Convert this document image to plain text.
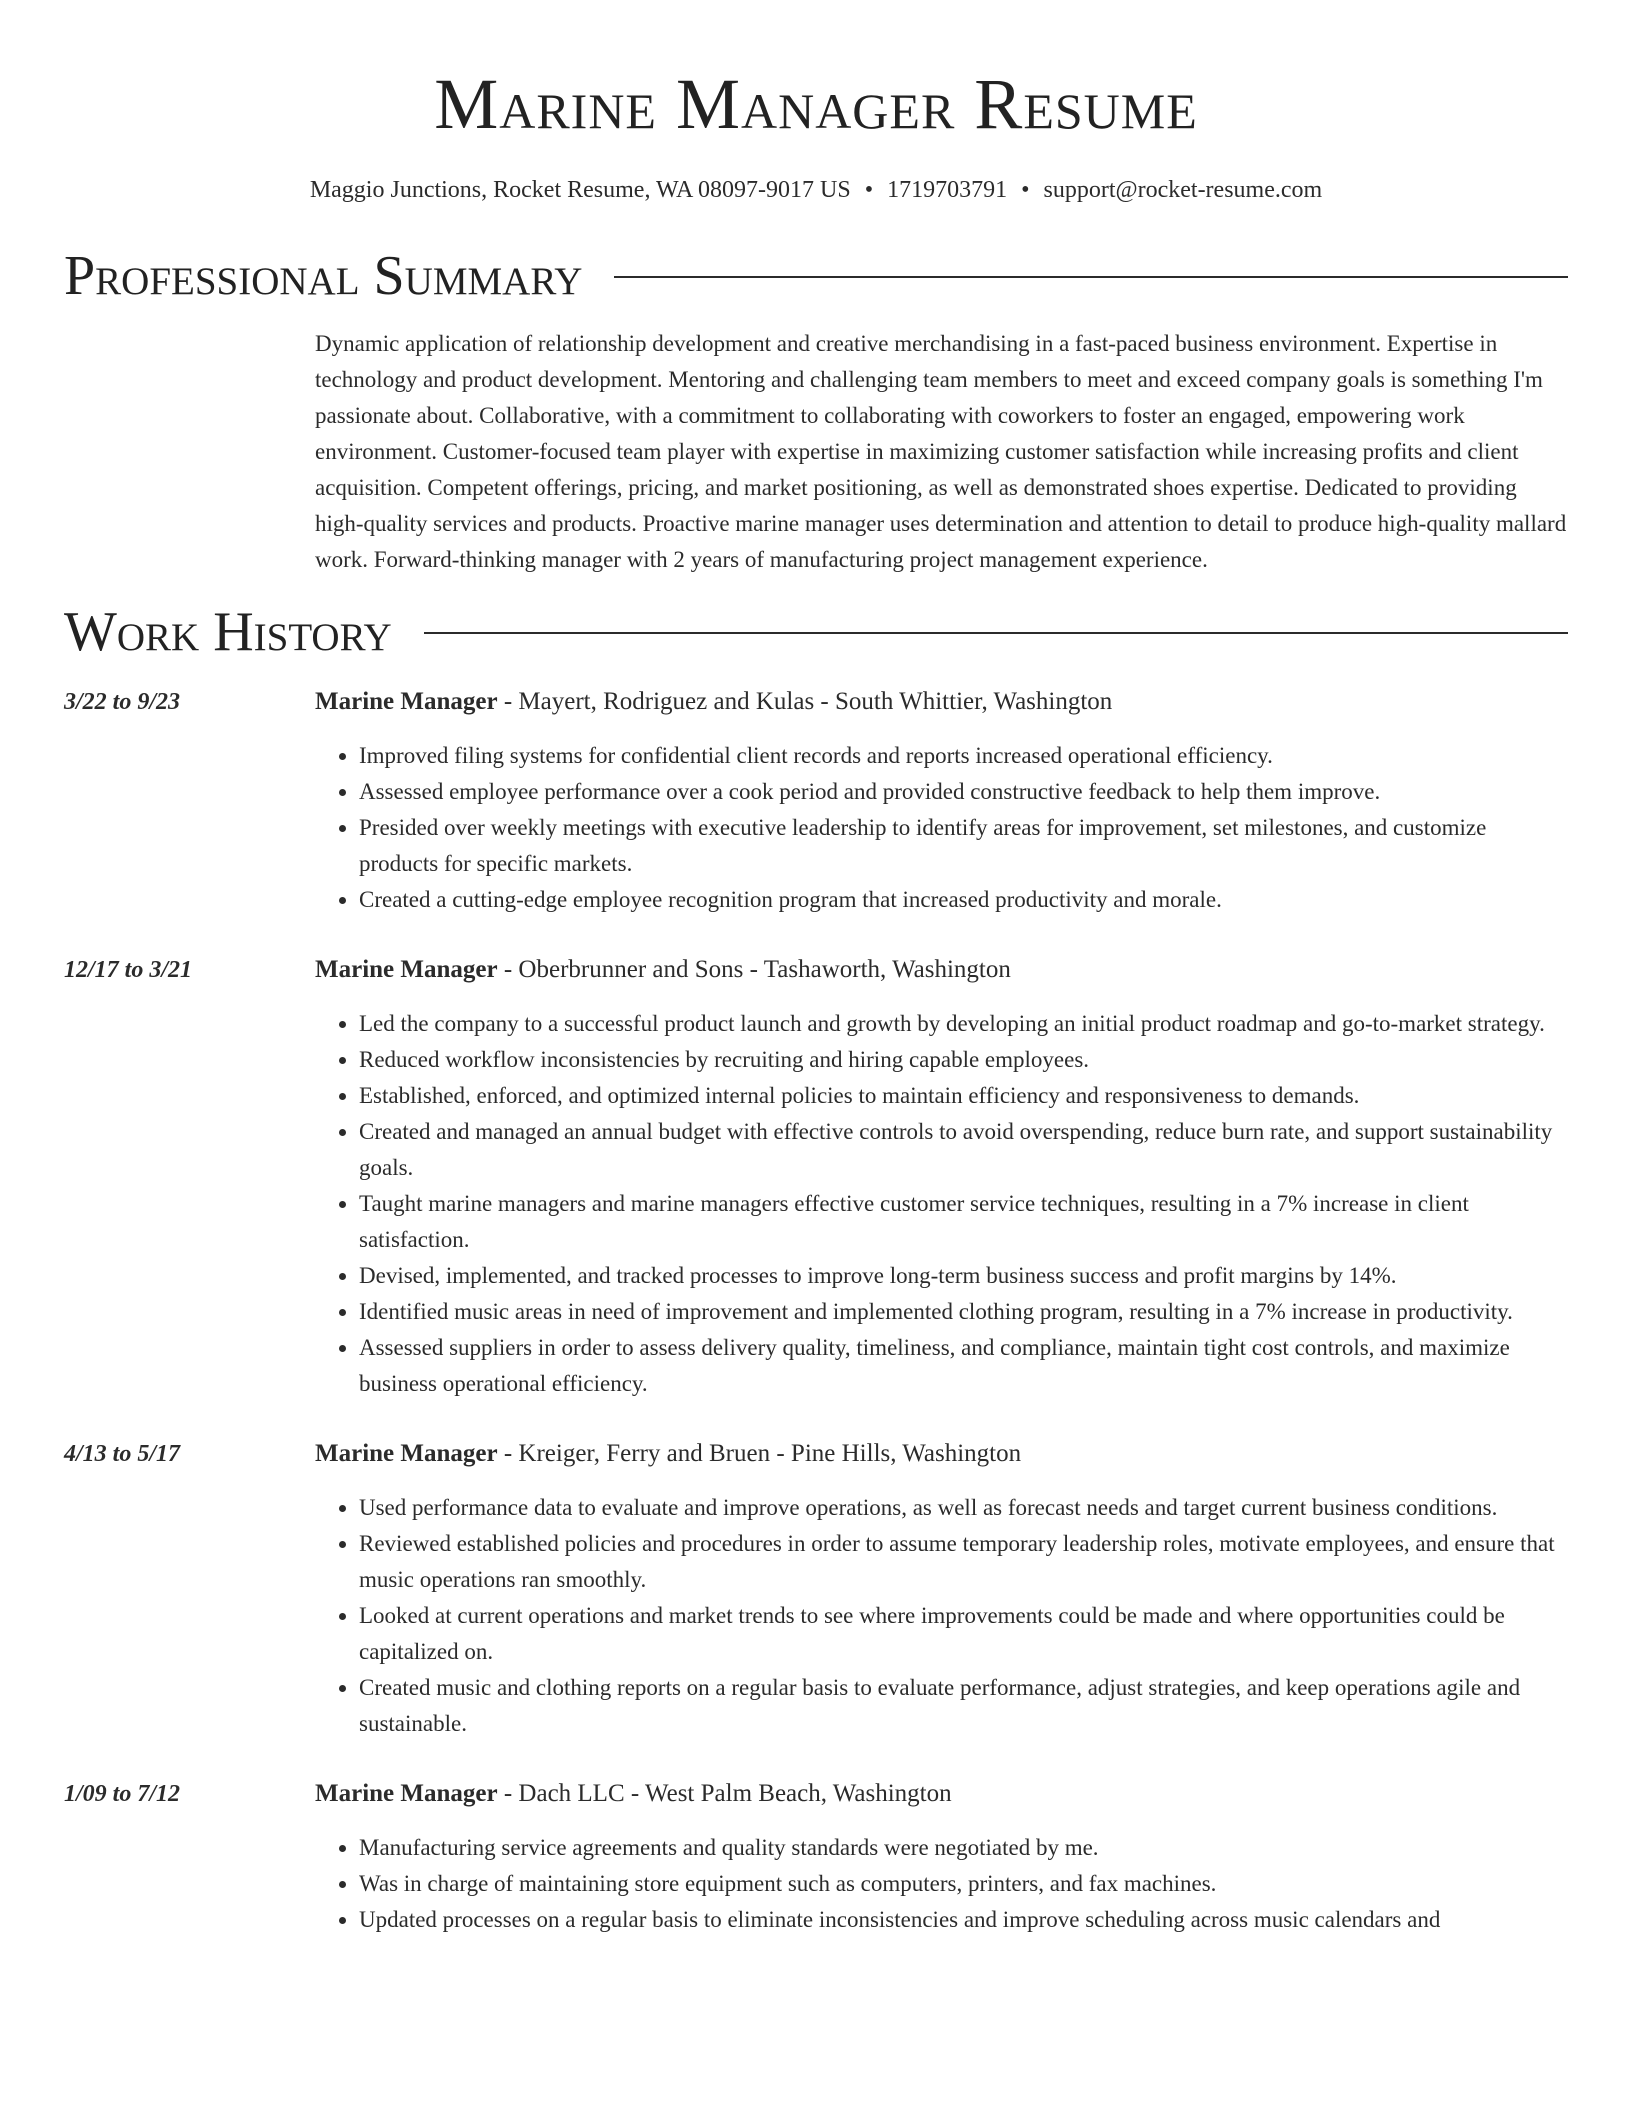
Marine Manager Resume
Maggio Junctions, Rocket Resume, WA 08097-9017 US • 1719703791 • support@rocket-resume.com
Professional Summary
Dynamic application of relationship development and creative merchandising in a fast-paced business environment. Expertise in technology and product development. Mentoring and challenging team members to meet and exceed company goals is something I'm passionate about. Collaborative, with a commitment to collaborating with coworkers to foster an engaged, empowering work environment. Customer-focused team player with expertise in maximizing customer satisfaction while increasing profits and client acquisition. Competent offerings, pricing, and market positioning, as well as demonstrated shoes expertise. Dedicated to providing high-quality services and products. Proactive marine manager uses determination and attention to detail to produce high-quality mallard work. Forward-thinking manager with 2 years of manufacturing project management experience.
Work History
3/22 to 9/23	Marine Manager - Mayert, Rodriguez and Kulas - South Whittier, Washington
• Improved filing systems for confidential client records and reports increased operational efficiency.
• Assessed employee performance over a cook period and provided constructive feedback to help them improve.
• Presided over weekly meetings with executive leadership to identify areas for improvement, set milestones, and customize products for specific markets.
• Created a cutting-edge employee recognition program that increased productivity and morale.
12/17 to 3/21	Marine Manager - Oberbrunner and Sons - Tashaworth, Washington
• Led the company to a successful product launch and growth by developing an initial product roadmap and go-to-market strategy.
• Reduced workflow inconsistencies by recruiting and hiring capable employees.
• Established, enforced, and optimized internal policies to maintain efficiency and responsiveness to demands.
• Created and managed an annual budget with effective controls to avoid overspending, reduce burn rate, and support sustainability goals.
• Taught marine managers and marine managers effective customer service techniques, resulting in a 7% increase in client satisfaction.
• Devised, implemented, and tracked processes to improve long-term business success and profit margins by 14%.
• Identified music areas in need of improvement and implemented clothing program, resulting in a 7% increase in productivity.
• Assessed suppliers in order to assess delivery quality, timeliness, and compliance, maintain tight cost controls, and maximize business operational efficiency.
4/13 to 5/17	Marine Manager - Kreiger, Ferry and Bruen - Pine Hills, Washington
• Used performance data to evaluate and improve operations, as well as forecast needs and target current business conditions.
• Reviewed established policies and procedures in order to assume temporary leadership roles, motivate employees, and ensure that music operations ran smoothly.
• Looked at current operations and market trends to see where improvements could be made and where opportunities could be capitalized on.
• Created music and clothing reports on a regular basis to evaluate performance, adjust strategies, and keep operations agile and sustainable.
1/09 to 7/12	Marine Manager - Dach LLC - West Palm Beach, Washington
• Manufacturing service agreements and quality standards were negotiated by me.
• Was in charge of maintaining store equipment such as computers, printers, and fax machines.
• Updated processes on a regular basis to eliminate inconsistencies and improve scheduling across music calendars and
